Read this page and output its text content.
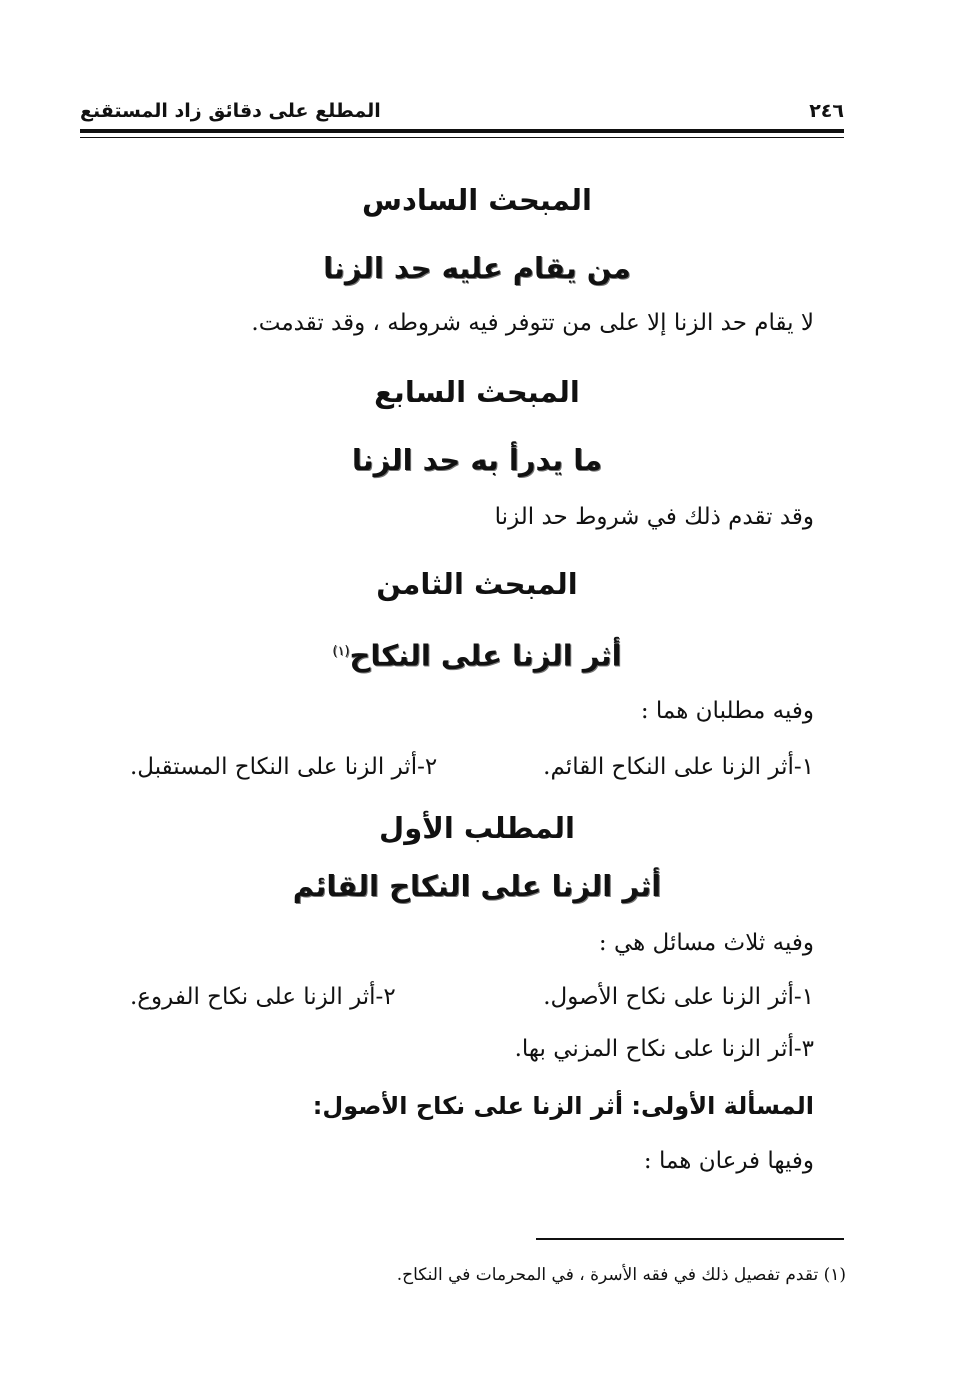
٢٤٦
المطلع على دقائق زاد المستقنع
المبحث السادس
من يقام عليه حد الزنا
لا يقام حد الزنا إلا على من تتوفر فيه شروطه ، وقد تقدمت.
المبحث السابع
ما يدرأ به حد الزنا
وقد تقدم ذلك في شروط حد الزنا
المبحث الثامن
أثر الزنا على النكاح$^{(١)}$
وفيه مطلبان هما :
١-أثر الزنا على النكاح القائم.
٢-أثر الزنا على النكاح المستقبل.
المطلب الأول
أثر الزنا على النكاح القائم
وفيه ثلاث مسائل هي :
١-أثر الزنا على نكاح الأصول.
٢-أثر الزنا على نكاح الفروع.
٣-أثر الزنا على نكاح المزني بها.
المسألة الأولى: أثر الزنا على نكاح الأصول:
وفيها فرعان هما :
(١) تقدم تفصيل ذلك في فقه الأسرة ، في المحرمات في النكاح.
